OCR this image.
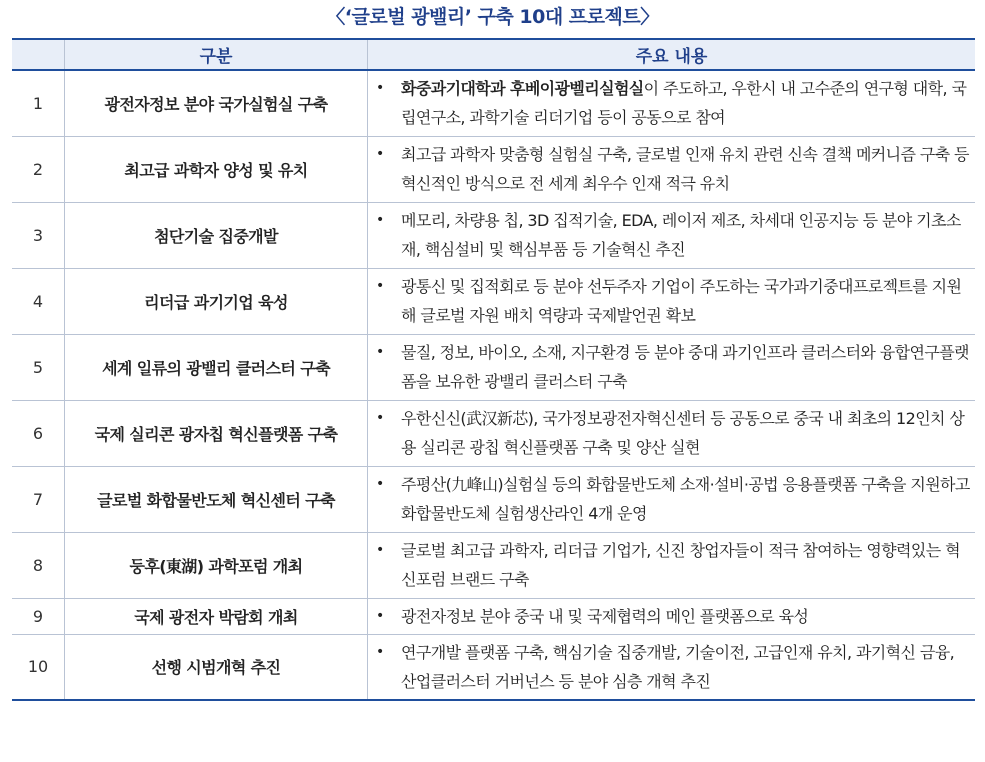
〈‘글로벌 광밸리’ 구축 10대 프로젝트〉
	구분	주요 내용
1	광전자정보 분야 국가실험실 구축	• 화중과기대학과 후베이광벨리실험실이 주도하고, 우한시 내 고수준의 연구형 대학, 국립연구소, 과학기술 리더기업 등이 공동으로 참여

2	최고급 과학자 양성 및 유치	• 최고급 과학자 맞춤형 실험실 구축, 글로벌 인재 유치 관련 신속 결책 메커니즘 구축 등 혁신적인 방식으로 전 세계 최우수 인재 적극 유치

3	첨단기술 집중개발	• 메모리, 차량용 칩, 3D 집적기술, EDA, 레이저 제조, 차세대 인공지능 등 분야 기초소재, 핵심설비 및 핵심부품 등 기술혁신 추진

4	리더급 과기기업 육성	• 광통신 및 집적회로 등 분야 선두주자 기업이 주도하는 국가과기중대프로젝트를 지원해 글로벌 자원 배치 역량과 국제발언권 확보

5	세계 일류의 광밸리 클러스터 구축	• 물질, 정보, 바이오, 소재, 지구환경 등 분야 중대 과기인프라 클러스터와 융합연구플랫폼을 보유한 광밸리 클러스터 구축

6	국제 실리콘 광자칩 혁신플랫폼 구축	• 우한신신(武汉新芯), 국가정보광전자혁신센터 등 공동으로 중국 내 최초의 12인치 상용 실리콘 광칩 혁신플랫폼 구축 및 양산 실현

7	글로벌 화합물반도체 혁신센터 구축	• 주평산(九峰山)실험실 등의 화합물반도체 소재·설비·공법 응용플랫폼 구축을 지원하고 화합물반도체 실험생산라인 4개 운영

8	둥후(東湖) 과학포럼 개최	• 글로벌 최고급 과학자, 리더급 기업가, 신진 창업자들이 적극 참여하는 영향력있는 혁신포럼 브랜드 구축

9	국제 광전자 박람회 개최	• 광전자정보 분야 중국 내 및 국제협력의 메인 플랫폼으로 육성

10	선행 시범개혁 추진	• 연구개발 플랫폼 구축, 핵심기술 집중개발, 기술이전, 고급인재 유치, 과기혁신 금융, 산업클러스터 거버넌스 등 분야 심층 개혁 추진
